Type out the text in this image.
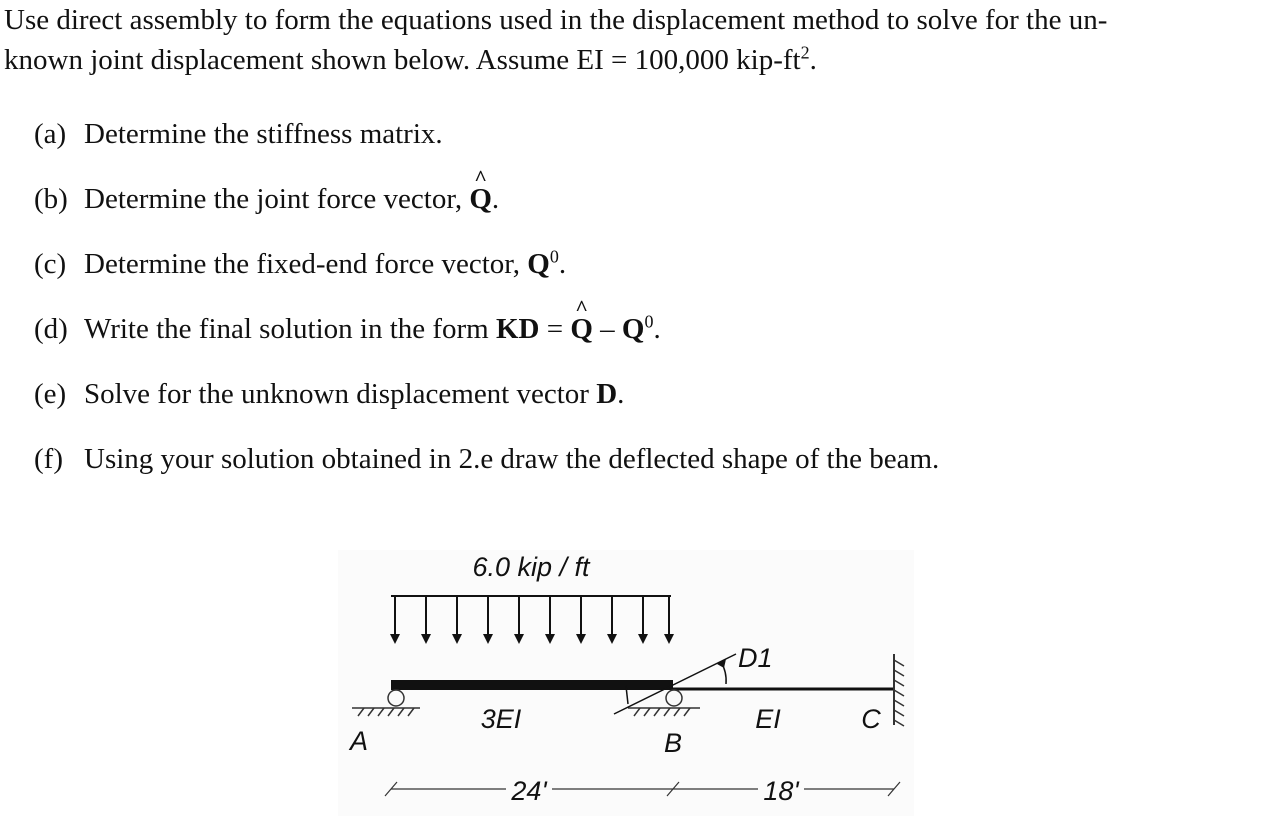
Use direct assembly to form the equations used in the displacement method to solve for the un-
known joint displacement shown below. Assume EI = 100,000 kip-$ft^2$.
(a) Determine the stiffness matrix.
(b) Determine the joint force vector, ^ Q.
(c) Determine the fixed-end force vector, $Q^0$.
(d) Write the final solution in the form KD = ^ Q – $Q^0$.
(e) Solve for the unknown displacement vector D.
(f) Using your solution obtained in 2.e draw the deflected shape of the beam.
6.0 kip / ft
D1
3EI	EI
A	B
C
24'	18'
